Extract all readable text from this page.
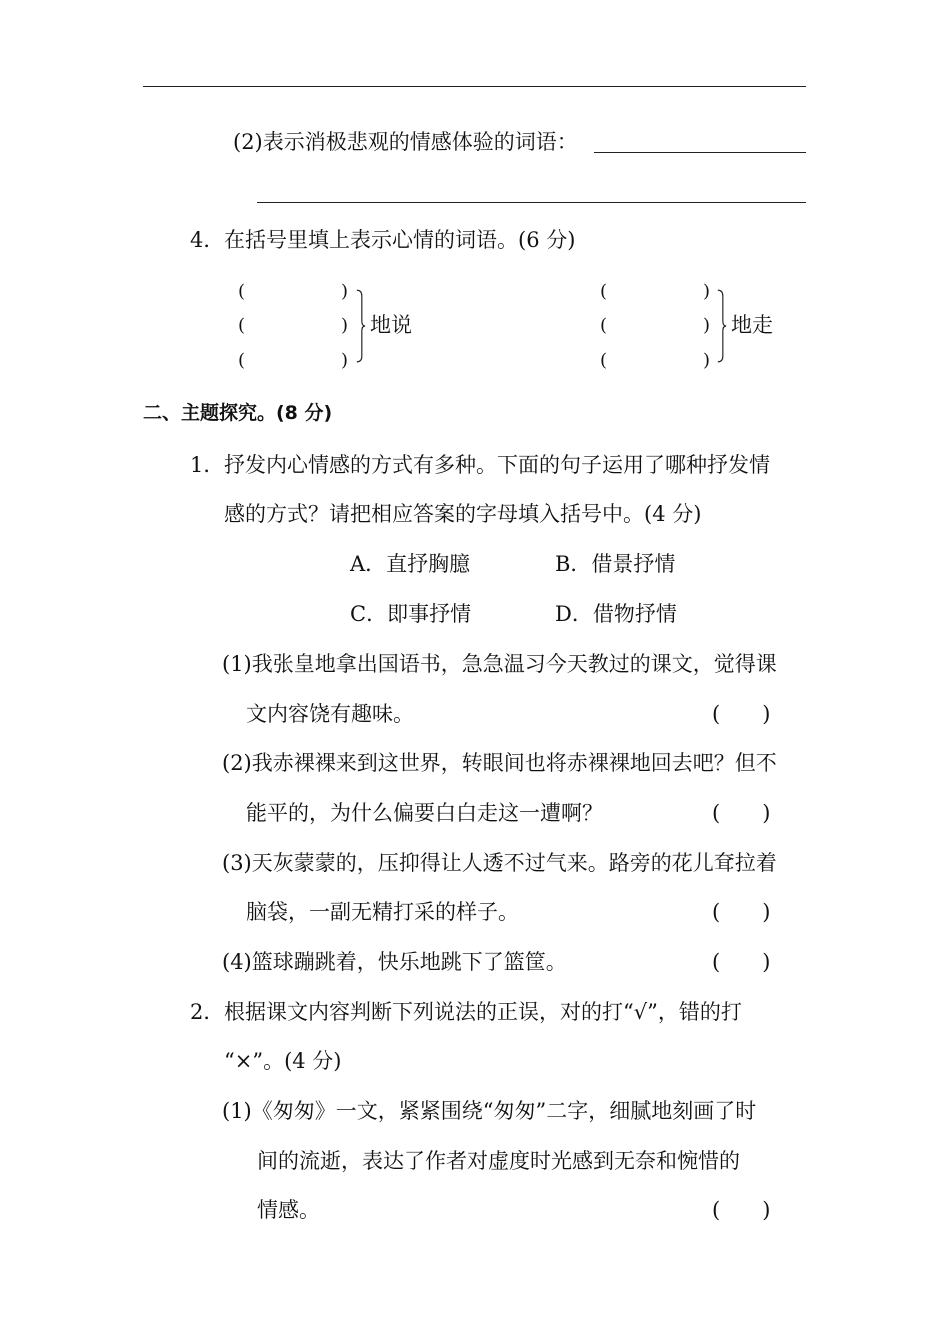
(2)表示消极悲观的情感体验的词语：
4． 在括号里填上表示心情的词语。(6 分)
(	)
(	)
(	)
地说
(	)
(	)
(	)
地走
二、主题探究。(8 分)
1． 抒发内心情感的方式有多种。下面的句子运用了哪种抒发情
感的方式？请把相应答案的字母填入括号中。(4 分)
A．直抒胸臆	B．借景抒情
C．即事抒情	D．借物抒情
(1)我张皇地拿出国语书，急急温习今天教过的课文，觉得课
文内容饶有趣味。	(　　)
(2)我赤裸裸来到这世界，转眼间也将赤裸裸地回去吧？但不
能平的，为什么偏要白白走这一遭啊？	(　　)
(3)天灰蒙蒙的，压抑得让人透不过气来。路旁的花儿耷拉着
脑袋，一副无精打采的样子。	(　　)
(4)篮球蹦跳着，快乐地跳下了篮筐。	(　　)
2． 根据课文内容判断下列说法的正误，对的打“√”，错的打
“×”。(4 分)
(1)《匆匆》一文，紧紧围绕“匆匆”二字，细腻地刻画了时
间的流逝，表达了作者对虚度时光感到无奈和惋惜的
情感。	(　　)
